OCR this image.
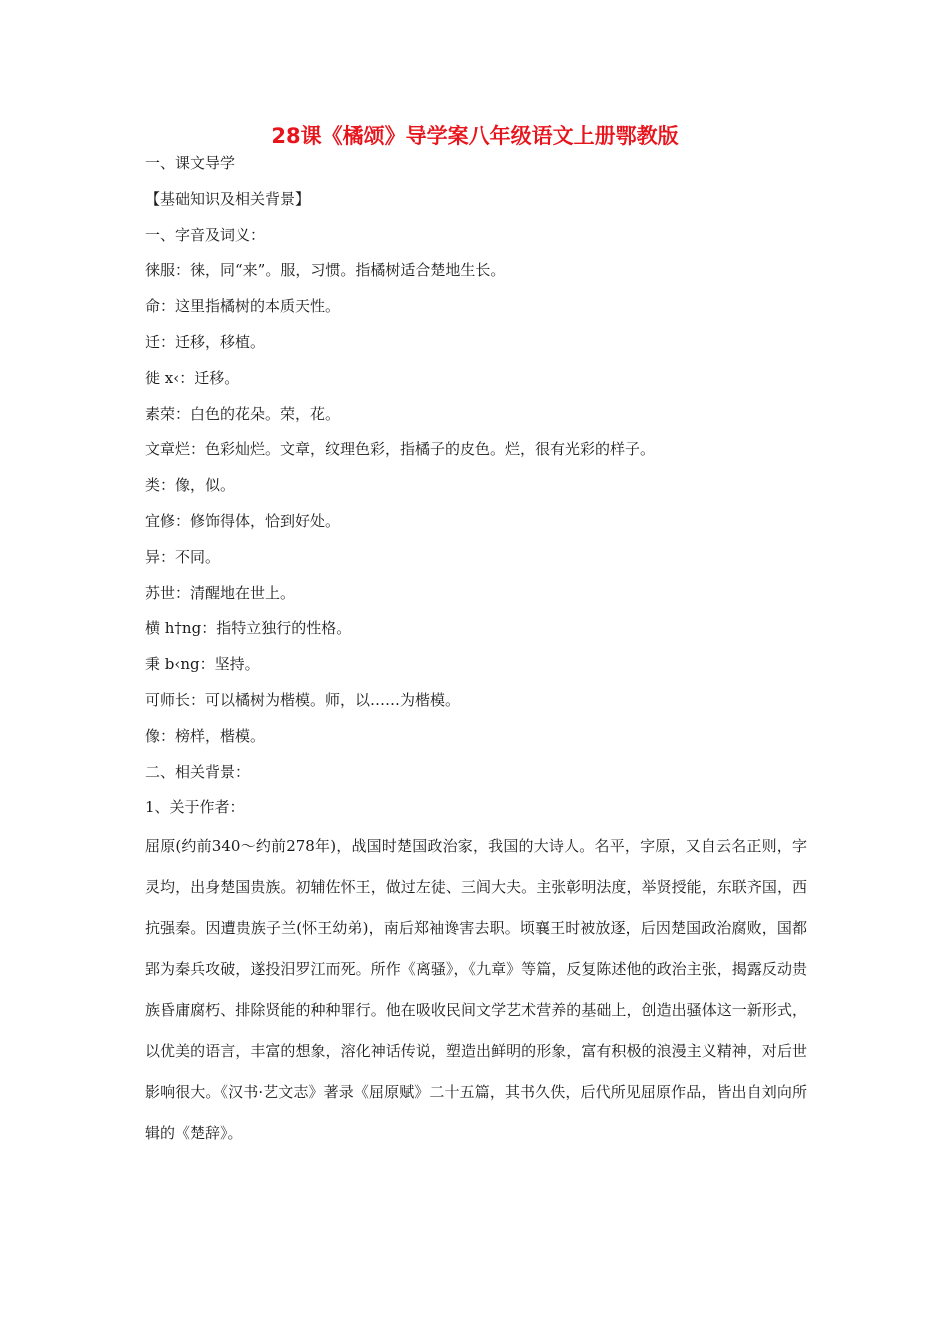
28课《橘颂》导学案八年级语文上册鄂教版

一、课文导学

【基础知识及相关背景】

一、字音及词义：

徕服：徕，同“来”。服，习惯。指橘树适合楚地生长。

命：这里指橘树的本质天性。

迁：迁移，移植。

徙 x‹：迁移。

素荣：白色的花朵。荣，花。

文章烂：色彩灿烂。文章，纹理色彩，指橘子的皮色。烂，很有光彩的样子。

类：像，似。

宜修：修饰得体，恰到好处。

异：不同。

苏世：清醒地在世上。

横 h†ng：指特立独行的性格。

秉 b‹ng：坚持。

可师长：可以橘树为楷模。师，以……为楷模。

像：榜样，楷模。

二、相关背景：

1、关于作者：

屈原(约前340～约前278年)，战国时楚国政治家，我国的大诗人。名平，字原，又自云名正则，字灵均，出身楚国贵族。初辅佐怀王，做过左徒、三闾大夫。主张彰明法度，举贤授能，东联齐国，西抗强秦。因遭贵族子兰(怀王幼弟)，南后郑袖谗害去职。顷襄王时被放逐，后因楚国政治腐败，国都郢为秦兵攻破，遂投汨罗江而死。所作《离骚》，《九章》等篇，反复陈述他的政治主张，揭露反动贵族昏庸腐朽、排除贤能的种种罪行。他在吸收民间文学艺术营养的基础上，创造出骚体这一新形式，以优美的语言，丰富的想象，溶化神话传说，塑造出鲜明的形象，富有积极的浪漫主义精神，对后世影响很大。《汉书·艺文志》著录《屈原赋》二十五篇，其书久佚，后代所见屈原作品，皆出自刘向所辑的《楚辞》。
